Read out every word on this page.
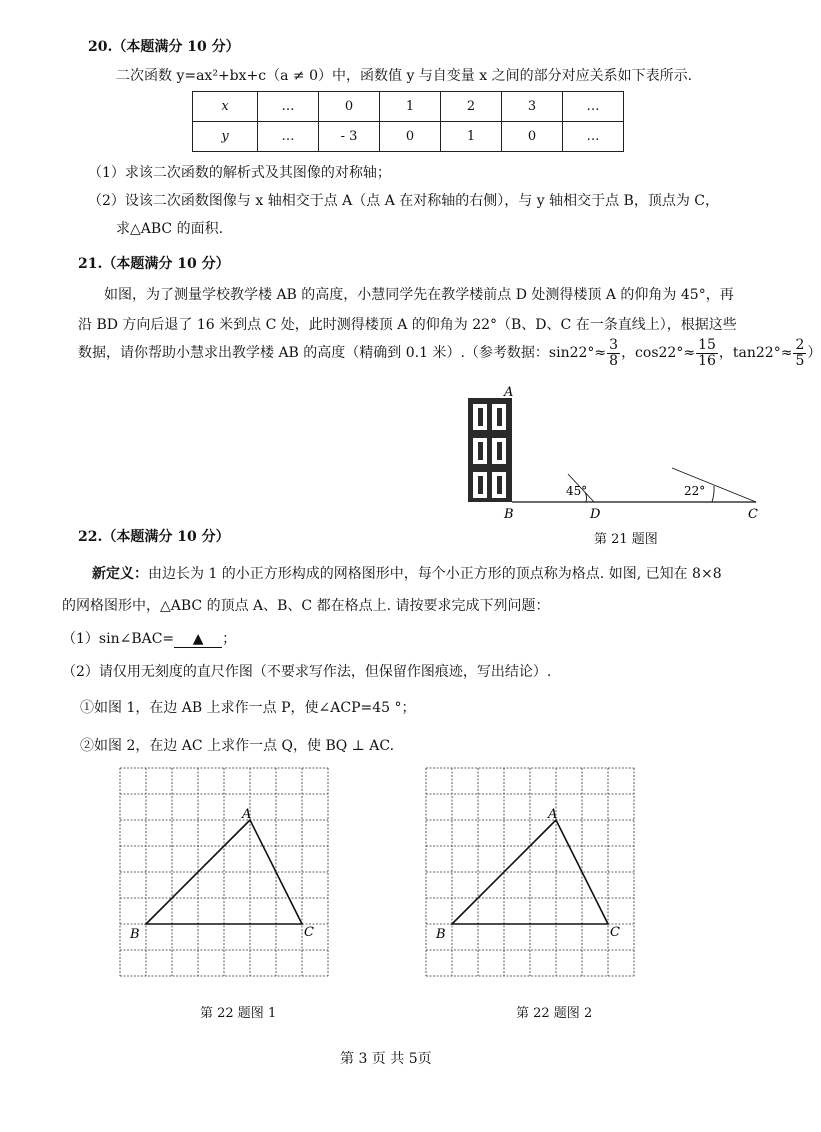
20.（本题满分 10 分）
二次函数 y=ax²+bx+c（a ≠ 0）中，函数值 y 与自变量 x 之间的部分对应关系如下表所示.
x	…	0	1	2	3	…
y	…	- 3	0	1	0	…
（1）求该二次函数的解析式及其图像的对称轴；
（2）设该二次函数图像与 x 轴相交于点 A（点 A 在对称轴的右侧），与 y 轴相交于点 B，顶点为 C，
求△ABC 的面积.
21.（本题满分 10 分）
如图，为了测量学校教学楼 AB 的高度，小慧同学先在教学楼前点 D 处测得楼顶 A 的仰角为 45°，再
沿 BD 方向后退了 16 米到点 C 处，此时测得楼顶 A 的仰角为 22°（B、D、C 在一条直线上），根据这些
数据，请你帮助小慧求出教学楼 AB 的高度（精确到 0.1 米）.（参考数据：$\sin 22^\circ\approx \frac{3}{8}$ ，$\cos 22^\circ\approx \frac{15}{16}$ ，$\tan 22^\circ\approx \frac{2}{5}$ ）
A
B	D	C
45°	22°
第 21 题图
22.（本题满分 10 分）
新定义：由边长为 1 的小正方形构成的网格图形中，每个小正方形的顶点称为格点. 如图, 已知在 8×8
的网格图形中，△ABC 的顶点 A、B、C 都在格点上. 请按要求完成下列问题：
（1）sin∠BAC= ▲ ；
（2）请仅用无刻度的直尺作图（不要求写作法，但保留作图痕迹，写出结论）.
①如图 1，在边 AB 上求作一点 P，使∠ACP=45 °；
②如图 2，在边 AC 上求作一点 Q，使 BQ ⊥ AC.
A
B	C
第 22 题图 1
A
B	C
第 22 题图 2
第 3 页 共 5页
